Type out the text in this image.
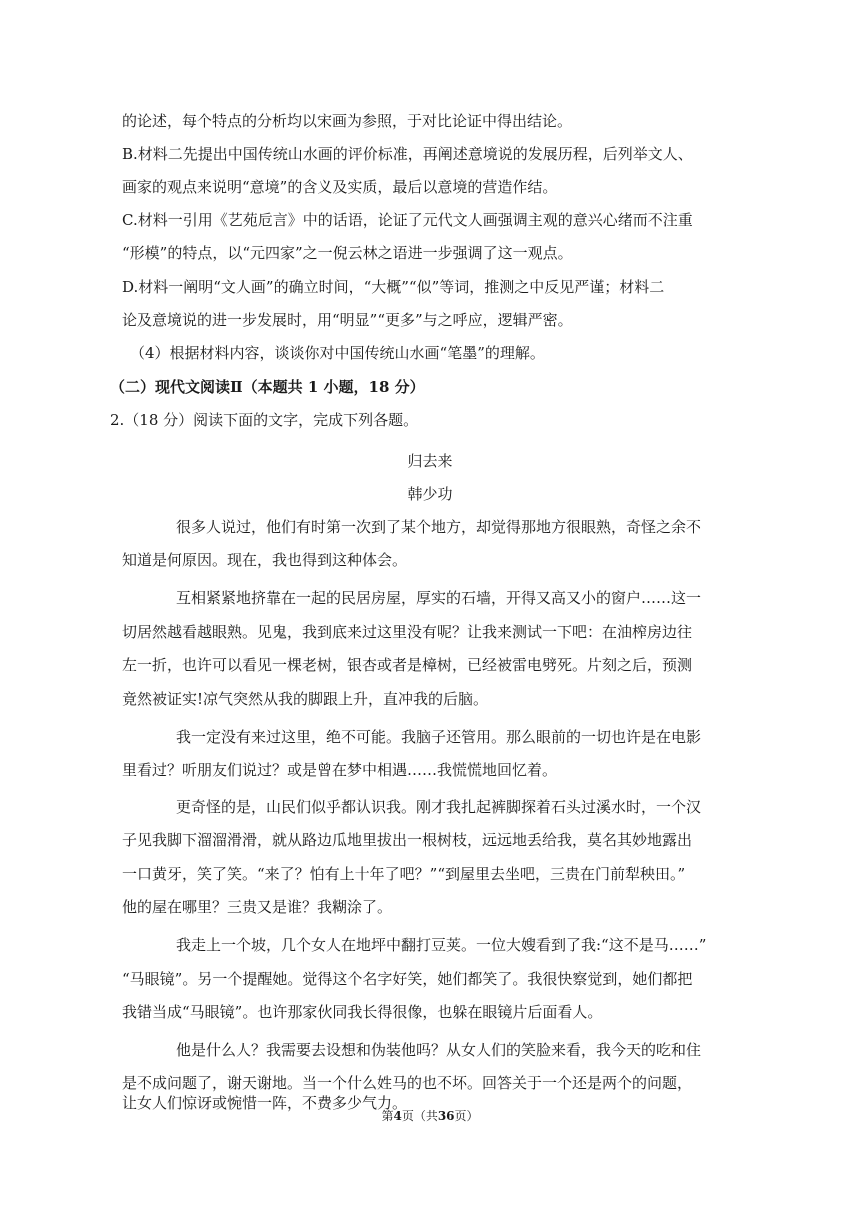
的论述，每个特点的分析均以宋画为参照，于对比论证中得出结论。
B.材料二先提出中国传统山水画的评价标准，再阐述意境说的发展历程，后列举文人、
画家的观点来说明“意境”的含义及实质，最后以意境的营造作结。
C.材料一引用《艺苑卮言》中的话语，论证了元代文人画强调主观的意兴心绪而不注重
“形模”的特点，以“元四家”之一倪云林之语进一步强调了这一观点。
D.材料一阐明“文人画”的确立时间，“大概”“似”等词，推测之中反见严谨；材料二
论及意境说的进一步发展时，用“明显”“更多”与之呼应，逻辑严密。
（4）根据材料内容，谈谈你对中国传统山水画“笔墨”的理解。
（二）现代文阅读Ⅱ（本题共 1 小题，18 分）
2.（18 分）阅读下面的文字，完成下列各题。
归去来
韩少功
很多人说过，他们有时第一次到了某个地方，却觉得那地方很眼熟，奇怪之余不
知道是何原因。现在，我也得到这种体会。
互相紧紧地挤靠在一起的民居房屋，厚实的石墙，开得又高又小的窗户……这一
切居然越看越眼熟。见鬼，我到底来过这里没有呢？让我来测试一下吧：在油榨房边往
左一折，也许可以看见一棵老树，银杏或者是樟树，已经被雷电劈死。片刻之后，预测
竟然被证实!凉气突然从我的脚跟上升，直冲我的后脑。
我一定没有来过这里，绝不可能。我脑子还管用。那么眼前的一切也许是在电影
里看过？听朋友们说过？或是曾在梦中相遇……我慌慌地回忆着。
更奇怪的是，山民们似乎都认识我。刚才我扎起裤脚探着石头过溪水时，一个汉
子见我脚下溜溜滑滑，就从路边瓜地里拔出一根树枝，远远地丢给我，莫名其妙地露出
一口黄牙，笑了笑。“来了？怕有上十年了吧？”“到屋里去坐吧，三贵在门前犁秧田。”
他的屋在哪里？三贵又是谁？我糊涂了。
我走上一个坡，几个女人在地坪中翻打豆荚。一位大嫂看到了我:“这不是马……”
“马眼镜”。另一个提醒她。觉得这个名字好笑，她们都笑了。我很快察觉到，她们都把
我错当成“马眼镜”。也许那家伙同我长得很像，也躲在眼镜片后面看人。
他是什么人？我需要去设想和伪装他吗？从女人们的笑脸来看，我今天的吃和住
是不成问题了，谢天谢地。当一个什么姓马的也不坏。回答关于一个还是两个的问题，
让女人们惊讶或惋惜一阵，不费多少气力。
第4页（共36页）
